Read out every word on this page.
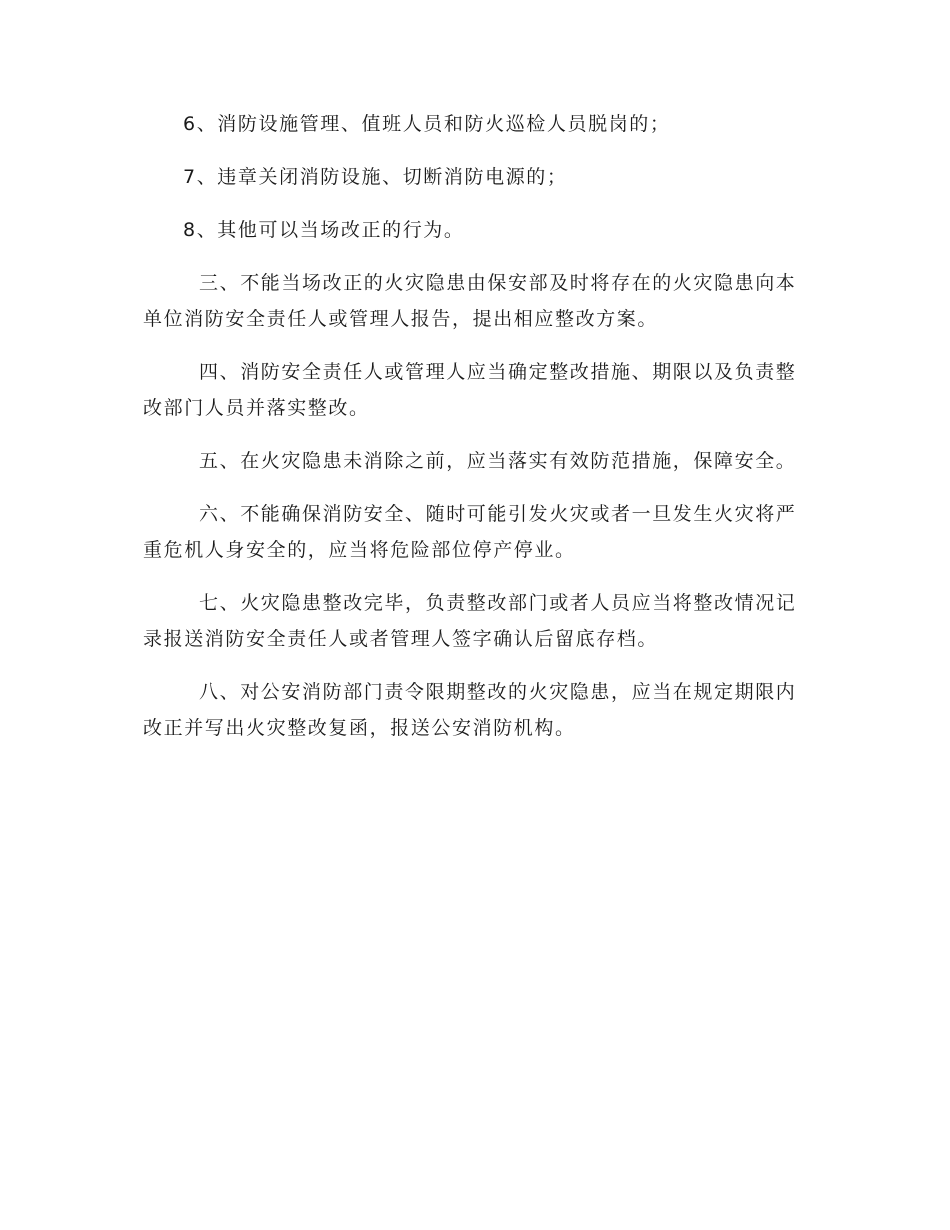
6、消防设施管理、值班人员和防火巡检人员脱岗的；

7、违章关闭消防设施、切断消防电源的；

8、其他可以当场改正的行为。

三、不能当场改正的火灾隐患由保安部及时将存在的火灾隐患向本单位消防安全责任人或管理人报告，提出相应整改方案。

四、消防安全责任人或管理人应当确定整改措施、期限以及负责整改部门人员并落实整改。

五、在火灾隐患未消除之前，应当落实有效防范措施，保障安全。

六、不能确保消防安全、随时可能引发火灾或者一旦发生火灾将严重危机人身安全的，应当将危险部位停产停业。

七、火灾隐患整改完毕，负责整改部门或者人员应当将整改情况记录报送消防安全责任人或者管理人签字确认后留底存档。

八、对公安消防部门责令限期整改的火灾隐患，应当在规定期限内改正并写出火灾整改复函，报送公安消防机构。
